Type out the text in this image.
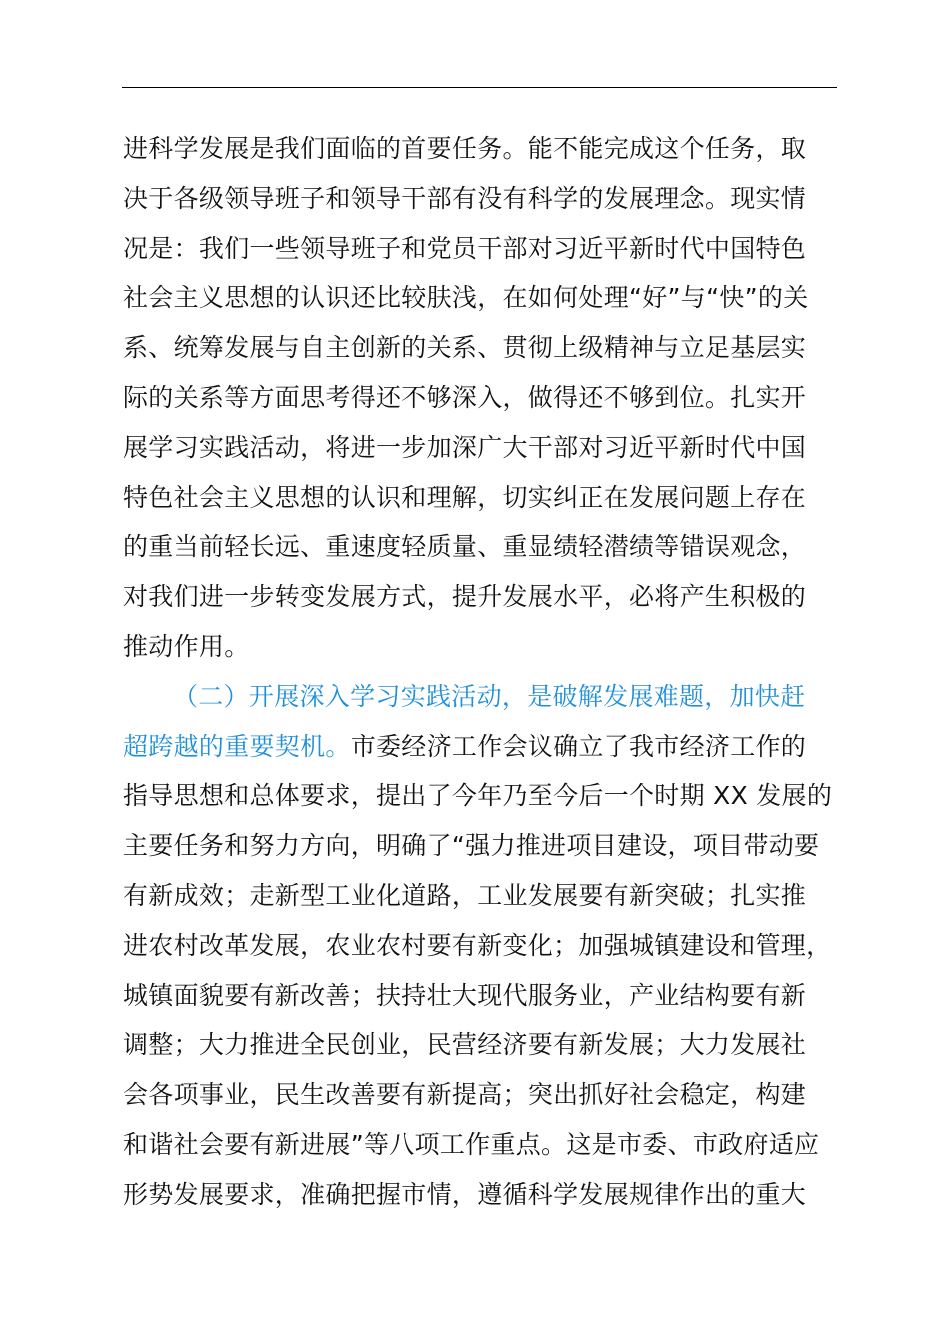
进科学发展是我们面临的首要任务。能不能完成这个任务，取
决于各级领导班子和领导干部有没有科学的发展理念。现实情
况是：我们一些领导班子和党员干部对习近平新时代中国特色
社会主义思想的认识还比较肤浅，在如何处理“好”与“快”的关
系、统筹发展与自主创新的关系、贯彻上级精神与立足基层实
际的关系等方面思考得还不够深入，做得还不够到位。扎实开
展学习实践活动，将进一步加深广大干部对习近平新时代中国
特色社会主义思想的认识和理解，切实纠正在发展问题上存在
的重当前轻长远、重速度轻质量、重显绩轻潜绩等错误观念，
对我们进一步转变发展方式，提升发展水平，必将产生积极的
推动作用。
（二）开展深入学习实践活动，是破解发展难题，加快赶
超跨越的重要契机。市委经济工作会议确立了我市经济工作的
指导思想和总体要求，提出了今年乃至今后一个时期 XX 发展的
主要任务和努力方向，明确了“强力推进项目建设，项目带动要
有新成效；走新型工业化道路，工业发展要有新突破；扎实推
进农村改革发展，农业农村要有新变化；加强城镇建设和管理，
城镇面貌要有新改善；扶持壮大现代服务业，产业结构要有新
调整；大力推进全民创业，民营经济要有新发展；大力发展社
会各项事业，民生改善要有新提高；突出抓好社会稳定，构建
和谐社会要有新进展”等八项工作重点。这是市委、市政府适应
形势发展要求，准确把握市情，遵循科学发展规律作出的重大
